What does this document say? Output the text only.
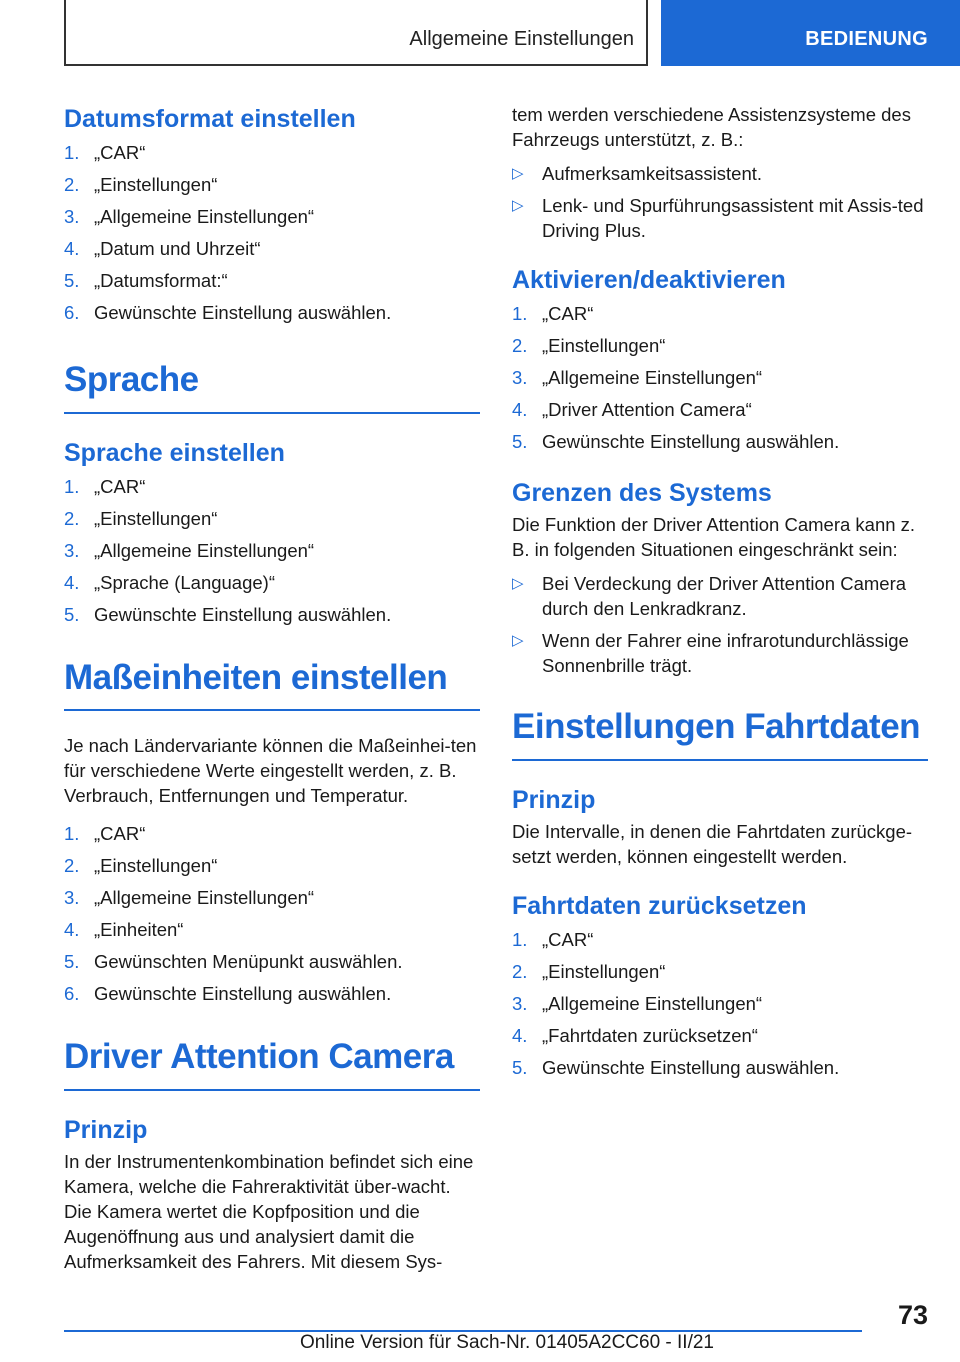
Allgemeine Einstellungen	BEDIENUNG
Datumsformat einstellen
1. „CAR“
2. „Einstellungen“
3. „Allgemeine Einstellungen“
4. „Datum und Uhrzeit“
5. „Datumsformat:“
6. Gewünschte Einstellung auswählen.
Sprache
Sprache einstellen
1. „CAR“
2. „Einstellungen“
3. „Allgemeine Einstellungen“
4. „Sprache (Language)“
5. Gewünschte Einstellung auswählen.
Maßeinheiten einstellen

Je nach Ländervariante können die Maßeinhei-ten für verschiedene Werte eingestellt werden, z. B. Verbrauch, Entfernungen und Temperatur.

1. „CAR“
2. „Einstellungen“
3. „Allgemeine Einstellungen“
4. „Einheiten“
5. Gewünschten Menüpunkt auswählen.
6. Gewünschte Einstellung auswählen.
Driver Attention Camera
Prinzip

In der Instrumentenkombination befindet sich eine Kamera, welche die Fahreraktivität über-wacht. Die Kamera wertet die Kopfposition und die Augenöffnung aus und analysiert damit die Aufmerksamkeit des Fahrers. Mit diesem Sys-

tem werden verschiedene Assistenzsysteme des Fahrzeugs unterstützt, z. B.:

▷ Aufmerksamkeitsassistent.
▷ Lenk- und Spurführungsassistent mit Assis-ted Driving Plus.
Aktivieren/deaktivieren
1. „CAR“
2. „Einstellungen“
3. „Allgemeine Einstellungen“
4. „Driver Attention Camera“
5. Gewünschte Einstellung auswählen.
Grenzen des Systems

Die Funktion der Driver Attention Camera kann z. B. in folgenden Situationen eingeschränkt sein:

▷ Bei Verdeckung der Driver Attention Camera durch den Lenkradkranz.
▷ Wenn der Fahrer eine infrarotundurchlässige Sonnenbrille trägt.
Einstellungen Fahrtdaten
Prinzip

Die Intervalle, in denen die Fahrtdaten zurückge-setzt werden, können eingestellt werden.

Fahrtdaten zurücksetzen
1. „CAR“
2. „Einstellungen“
3. „Allgemeine Einstellungen“
4. „Fahrtdaten zurücksetzen“
5. Gewünschte Einstellung auswählen.
73
Online Version für Sach-Nr. 01405A2CC60 - II/21
